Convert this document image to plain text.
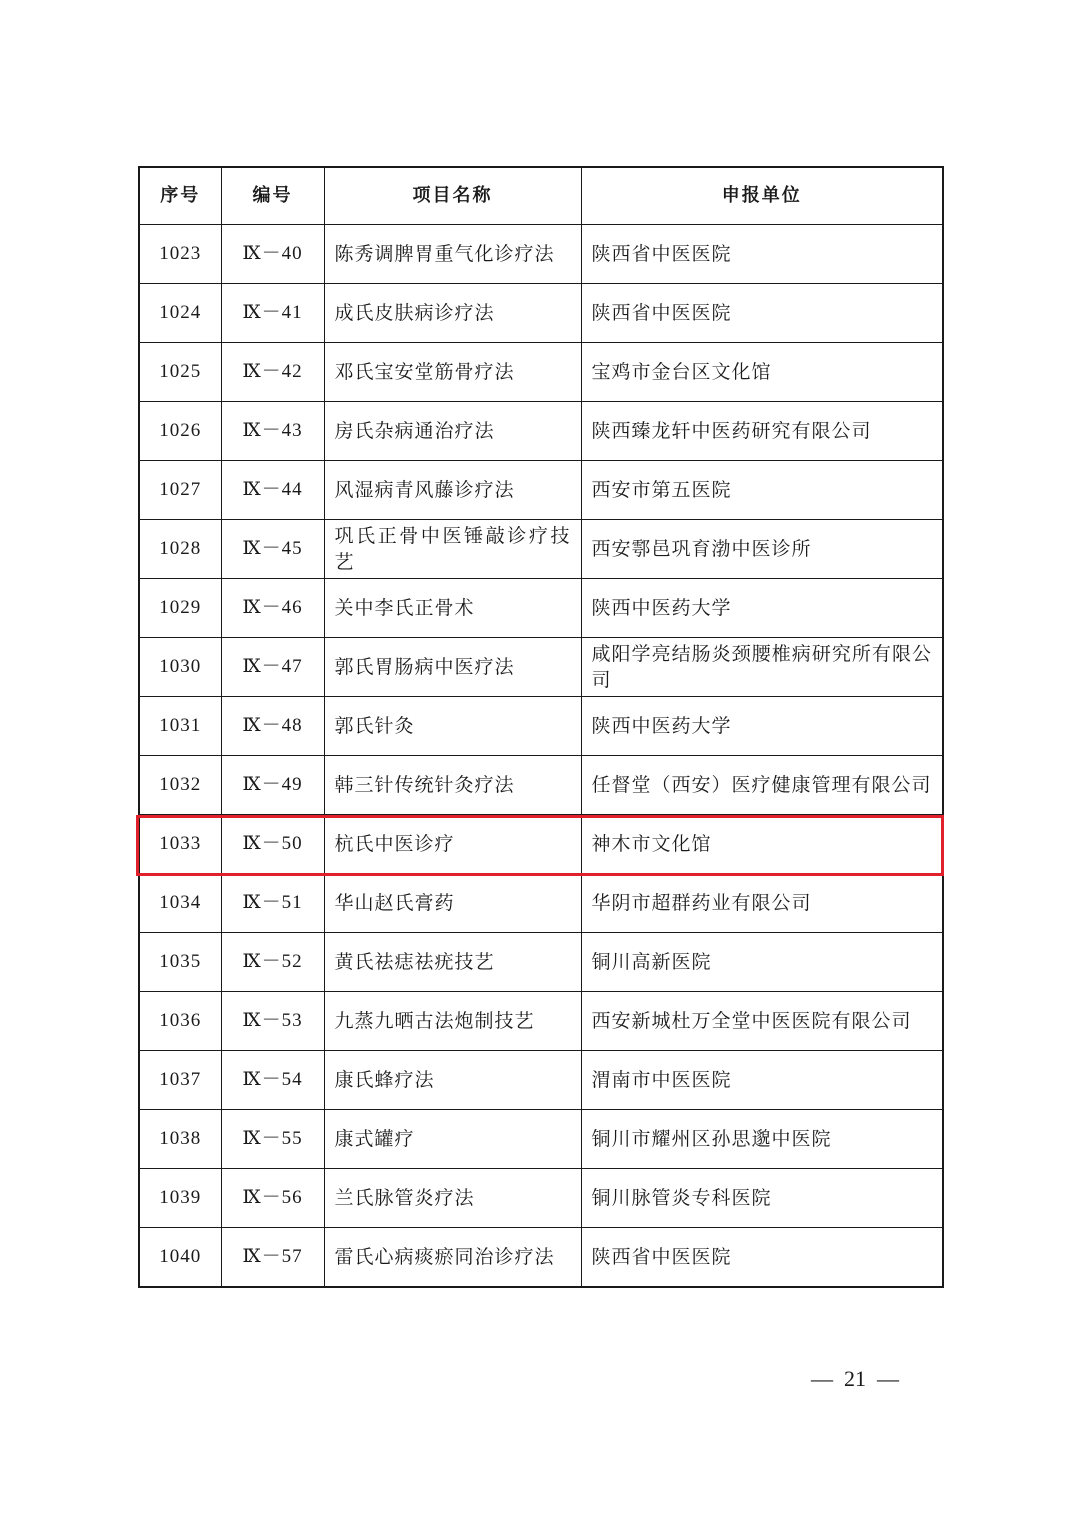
序号	编号	项目名称	申报单位
1023	Ⅸ－40	陈秀调脾胃重气化诊疗法	陕西省中医医院
1024	Ⅸ－41	成氏皮肤病诊疗法	陕西省中医医院
1025	Ⅸ－42	邓氏宝安堂筋骨疗法	宝鸡市金台区文化馆
1026	Ⅸ－43	房氏杂病通治疗法	陕西臻龙轩中医药研究有限公司
1027	Ⅸ－44	风湿病青风藤诊疗法	西安市第五医院
1028	Ⅸ－45	巩氏正骨中医锤敲诊疗技艺	西安鄠邑巩育渤中医诊所
1029	Ⅸ－46	关中李氏正骨术	陕西中医药大学
1030	Ⅸ－47	郭氏胃肠病中医疗法	咸阳学亮结肠炎颈腰椎病研究所有限公司
1031	Ⅸ－48	郭氏针灸	陕西中医药大学
1032	Ⅸ－49	韩三针传统针灸疗法	任督堂（西安）医疗健康管理有限公司
1033	Ⅸ－50	杭氏中医诊疗	神木市文化馆
1034	Ⅸ－51	华山赵氏膏药	华阴市超群药业有限公司
1035	Ⅸ－52	黄氏祛痣祛疣技艺	铜川高新医院
1036	Ⅸ－53	九蒸九晒古法炮制技艺	西安新城杜万全堂中医医院有限公司
1037	Ⅸ－54	康氏蜂疗法	渭南市中医医院
1038	Ⅸ－55	康式罐疗	铜川市耀州区孙思邈中医院
1039	Ⅸ－56	兰氏脉管炎疗法	铜川脉管炎专科医院
1040	Ⅸ－57	雷氏心病痰瘀同治诊疗法	陕西省中医医院
—  21  —
